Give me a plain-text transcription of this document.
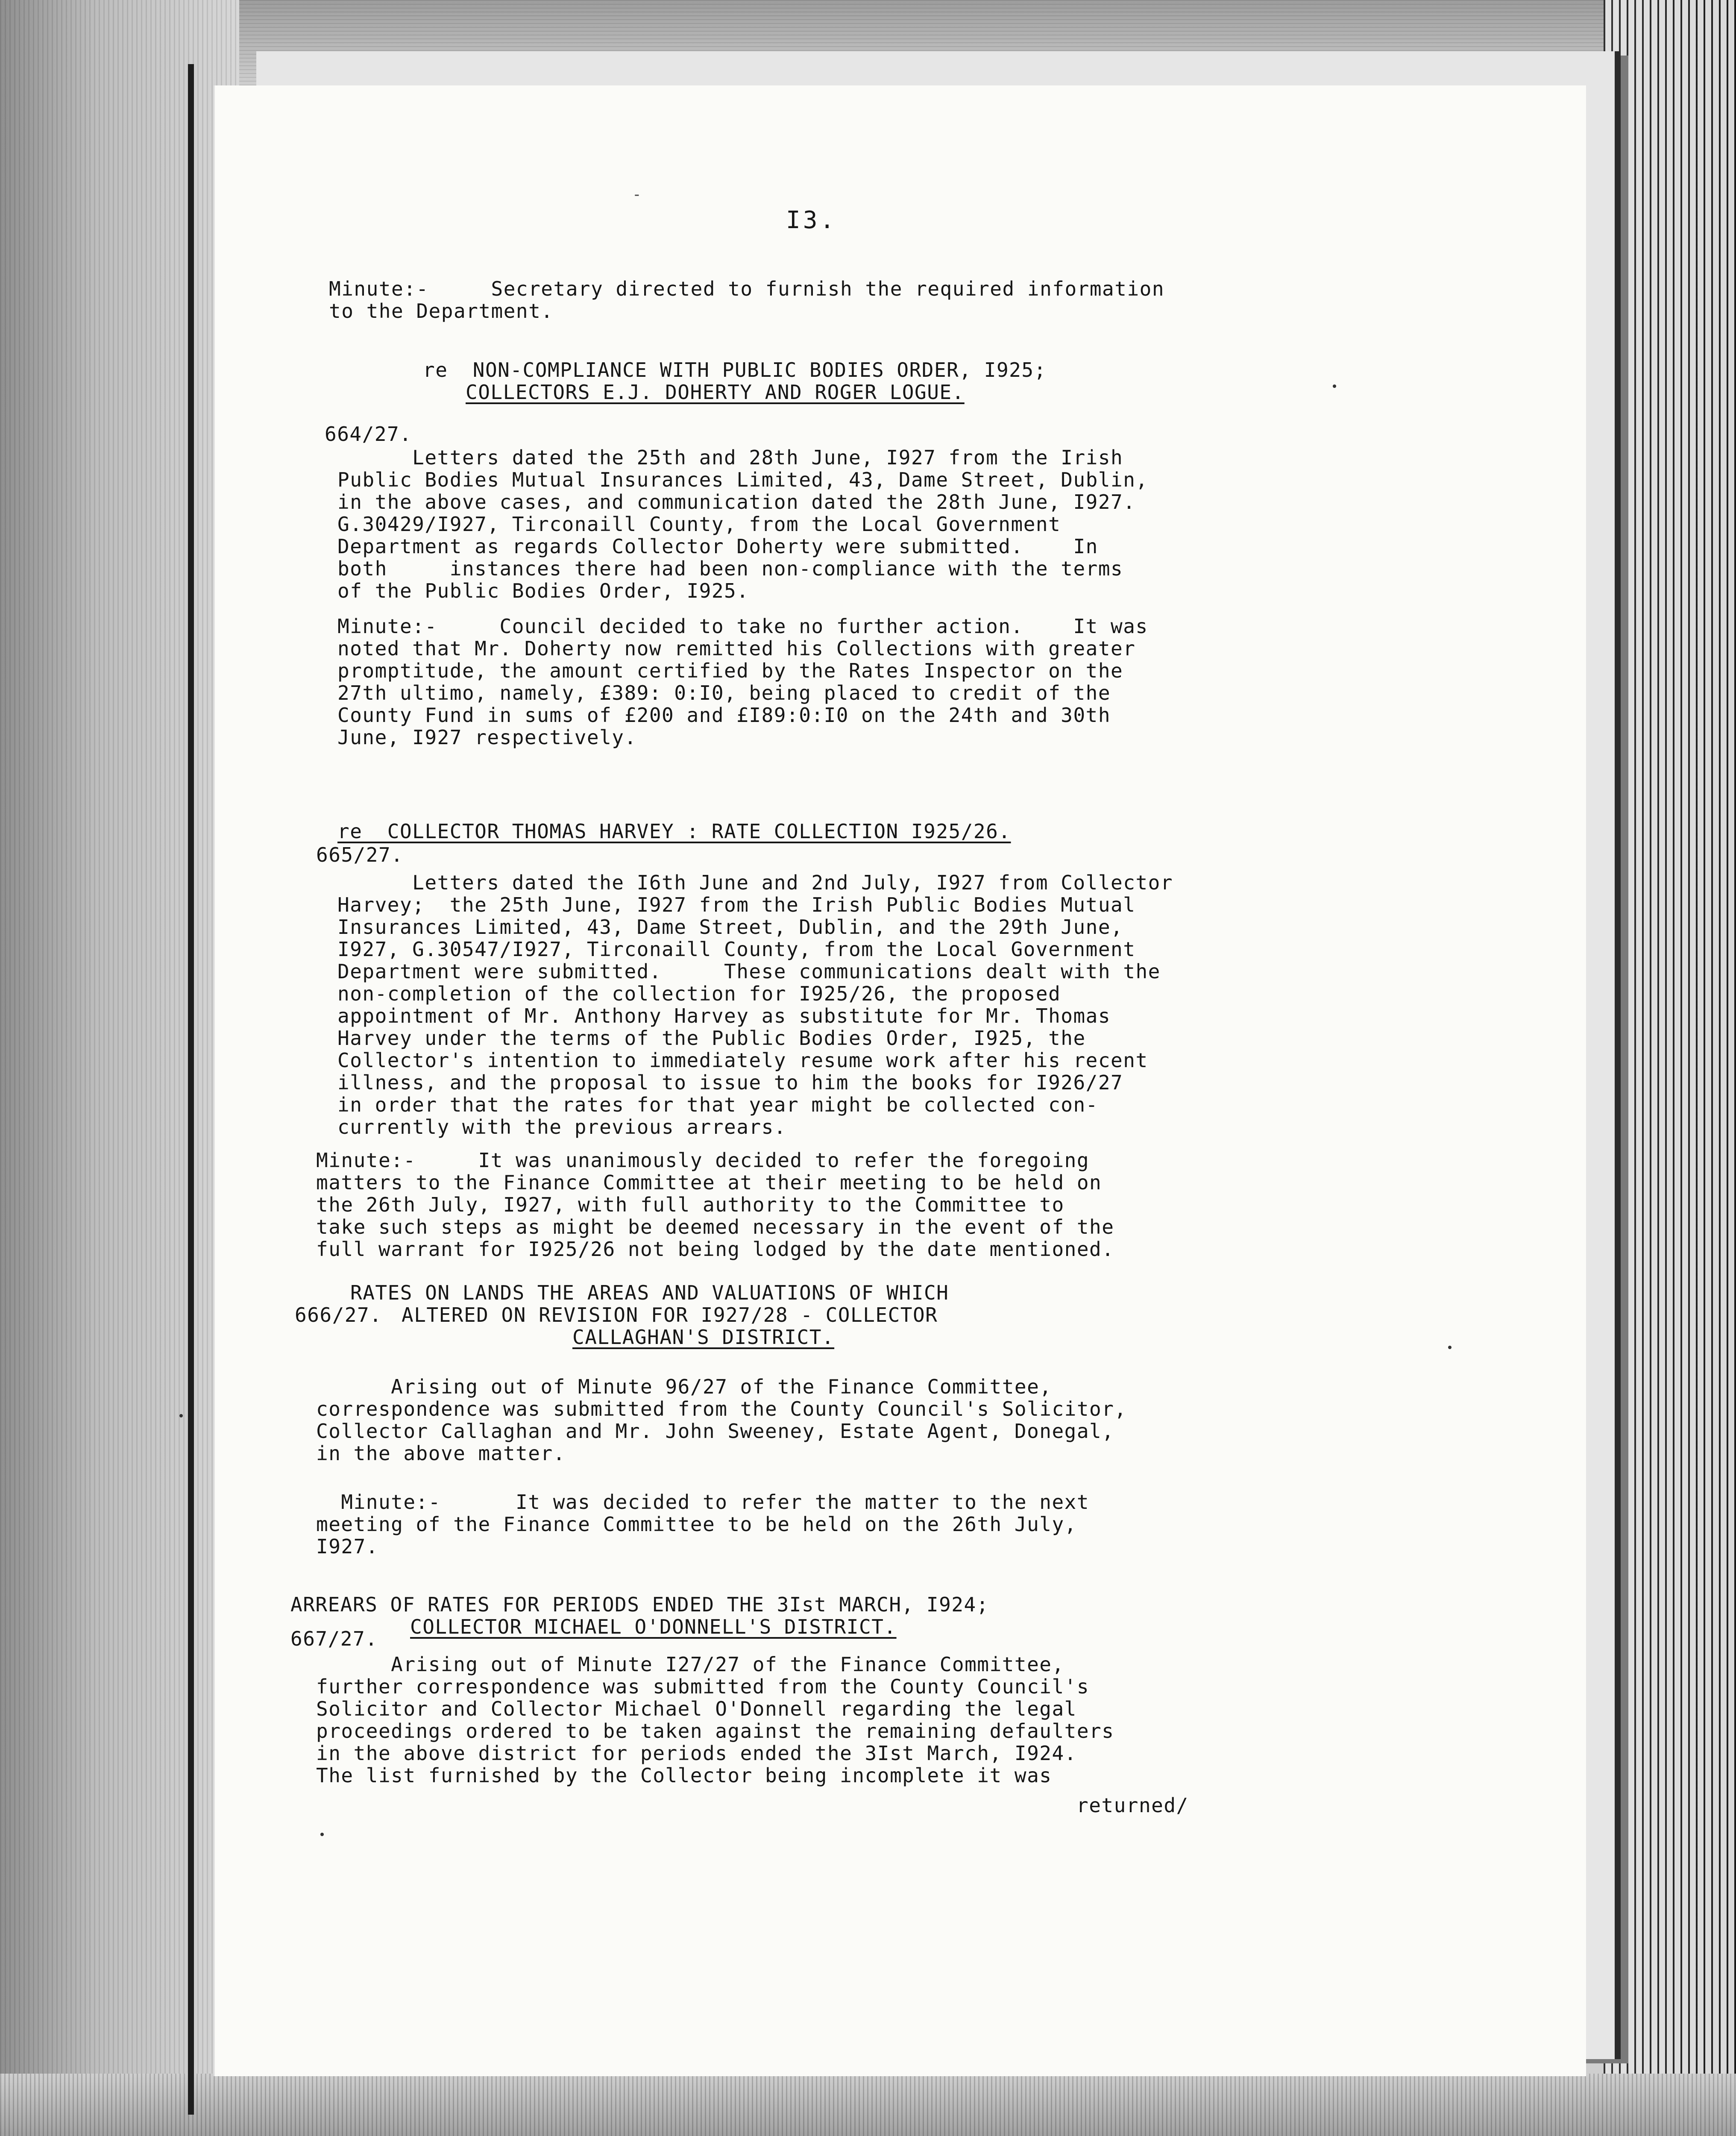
-
I3.

Minute:-     Secretary directed to furnish the required information

to the Department.

re  NON-COMPLIANCE WITH PUBLIC BODIES ORDER, I925;

COLLECTORS E.J. DOHERTY AND ROGER LOGUE.

664/27.

Letters dated the 25th and 28th June, I927 from the Irish

Public Bodies Mutual Insurances Limited, 43, Dame Street, Dublin,

in the above cases, and communication dated the 28th June, I927.

G.30429/I927, Tirconaill County, from the Local Government

Department as regards Collector Doherty were submitted.    In

both     instances there had been non-compliance with the terms

of the Public Bodies Order, I925.

Minute:-     Council decided to take no further action.    It was

noted that Mr. Doherty now remitted his Collections with greater

promptitude, the amount certified by the Rates Inspector on the

27th ultimo, namely, £389: 0:I0, being placed to credit of the

County Fund in sums of £200 and £I89:0:I0 on the 24th and 30th

June, I927 respectively.

re  COLLECTOR THOMAS HARVEY : RATE COLLECTION I925/26.

665/27.

Letters dated the I6th June and 2nd July, I927 from Collector

Harvey;  the 25th June, I927 from the Irish Public Bodies Mutual

Insurances Limited, 43, Dame Street, Dublin, and the 29th June,

I927, G.30547/I927, Tirconaill County, from the Local Government

Department were submitted.     These communications dealt with the

non-completion of the collection for I925/26, the proposed

appointment of Mr. Anthony Harvey as substitute for Mr. Thomas

Harvey under the terms of the Public Bodies Order, I925, the

Collector's intention to immediately resume work after his recent

illness, and the proposal to issue to him the books for I926/27

in order that the rates for that year might be collected con-

currently with the previous arrears.

Minute:-     It was unanimously decided to refer the foregoing

matters to the Finance Committee at their meeting to be held on

the 26th July, I927, with full authority to the Committee to

take such steps as might be deemed necessary in the event of the

full warrant for I925/26 not being lodged by the date mentioned.

RATES ON LANDS THE AREAS AND VALUATIONS OF WHICH

ALTERED ON REVISION FOR I927/28 - COLLECTOR

CALLAGHAN'S DISTRICT.

666/27.

Arising out of Minute 96/27 of the Finance Committee,

correspondence was submitted from the County Council's Solicitor,

Collector Callaghan and Mr. John Sweeney, Estate Agent, Donegal,

in the above matter.

Minute:-      It was decided to refer the matter to the next

meeting of the Finance Committee to be held on the 26th July,

I927.

ARREARS OF RATES FOR PERIODS ENDED THE 3Ist MARCH, I924;

COLLECTOR MICHAEL O'DONNELL'S DISTRICT.

667/27.

Arising out of Minute I27/27 of the Finance Committee,

further correspondence was submitted from the County Council's

Solicitor and Collector Michael O'Donnell regarding the legal

proceedings ordered to be taken against the remaining defaulters

in the above district for periods ended the 3Ist March, I924.

The list furnished by the Collector being incomplete it was

returned/
